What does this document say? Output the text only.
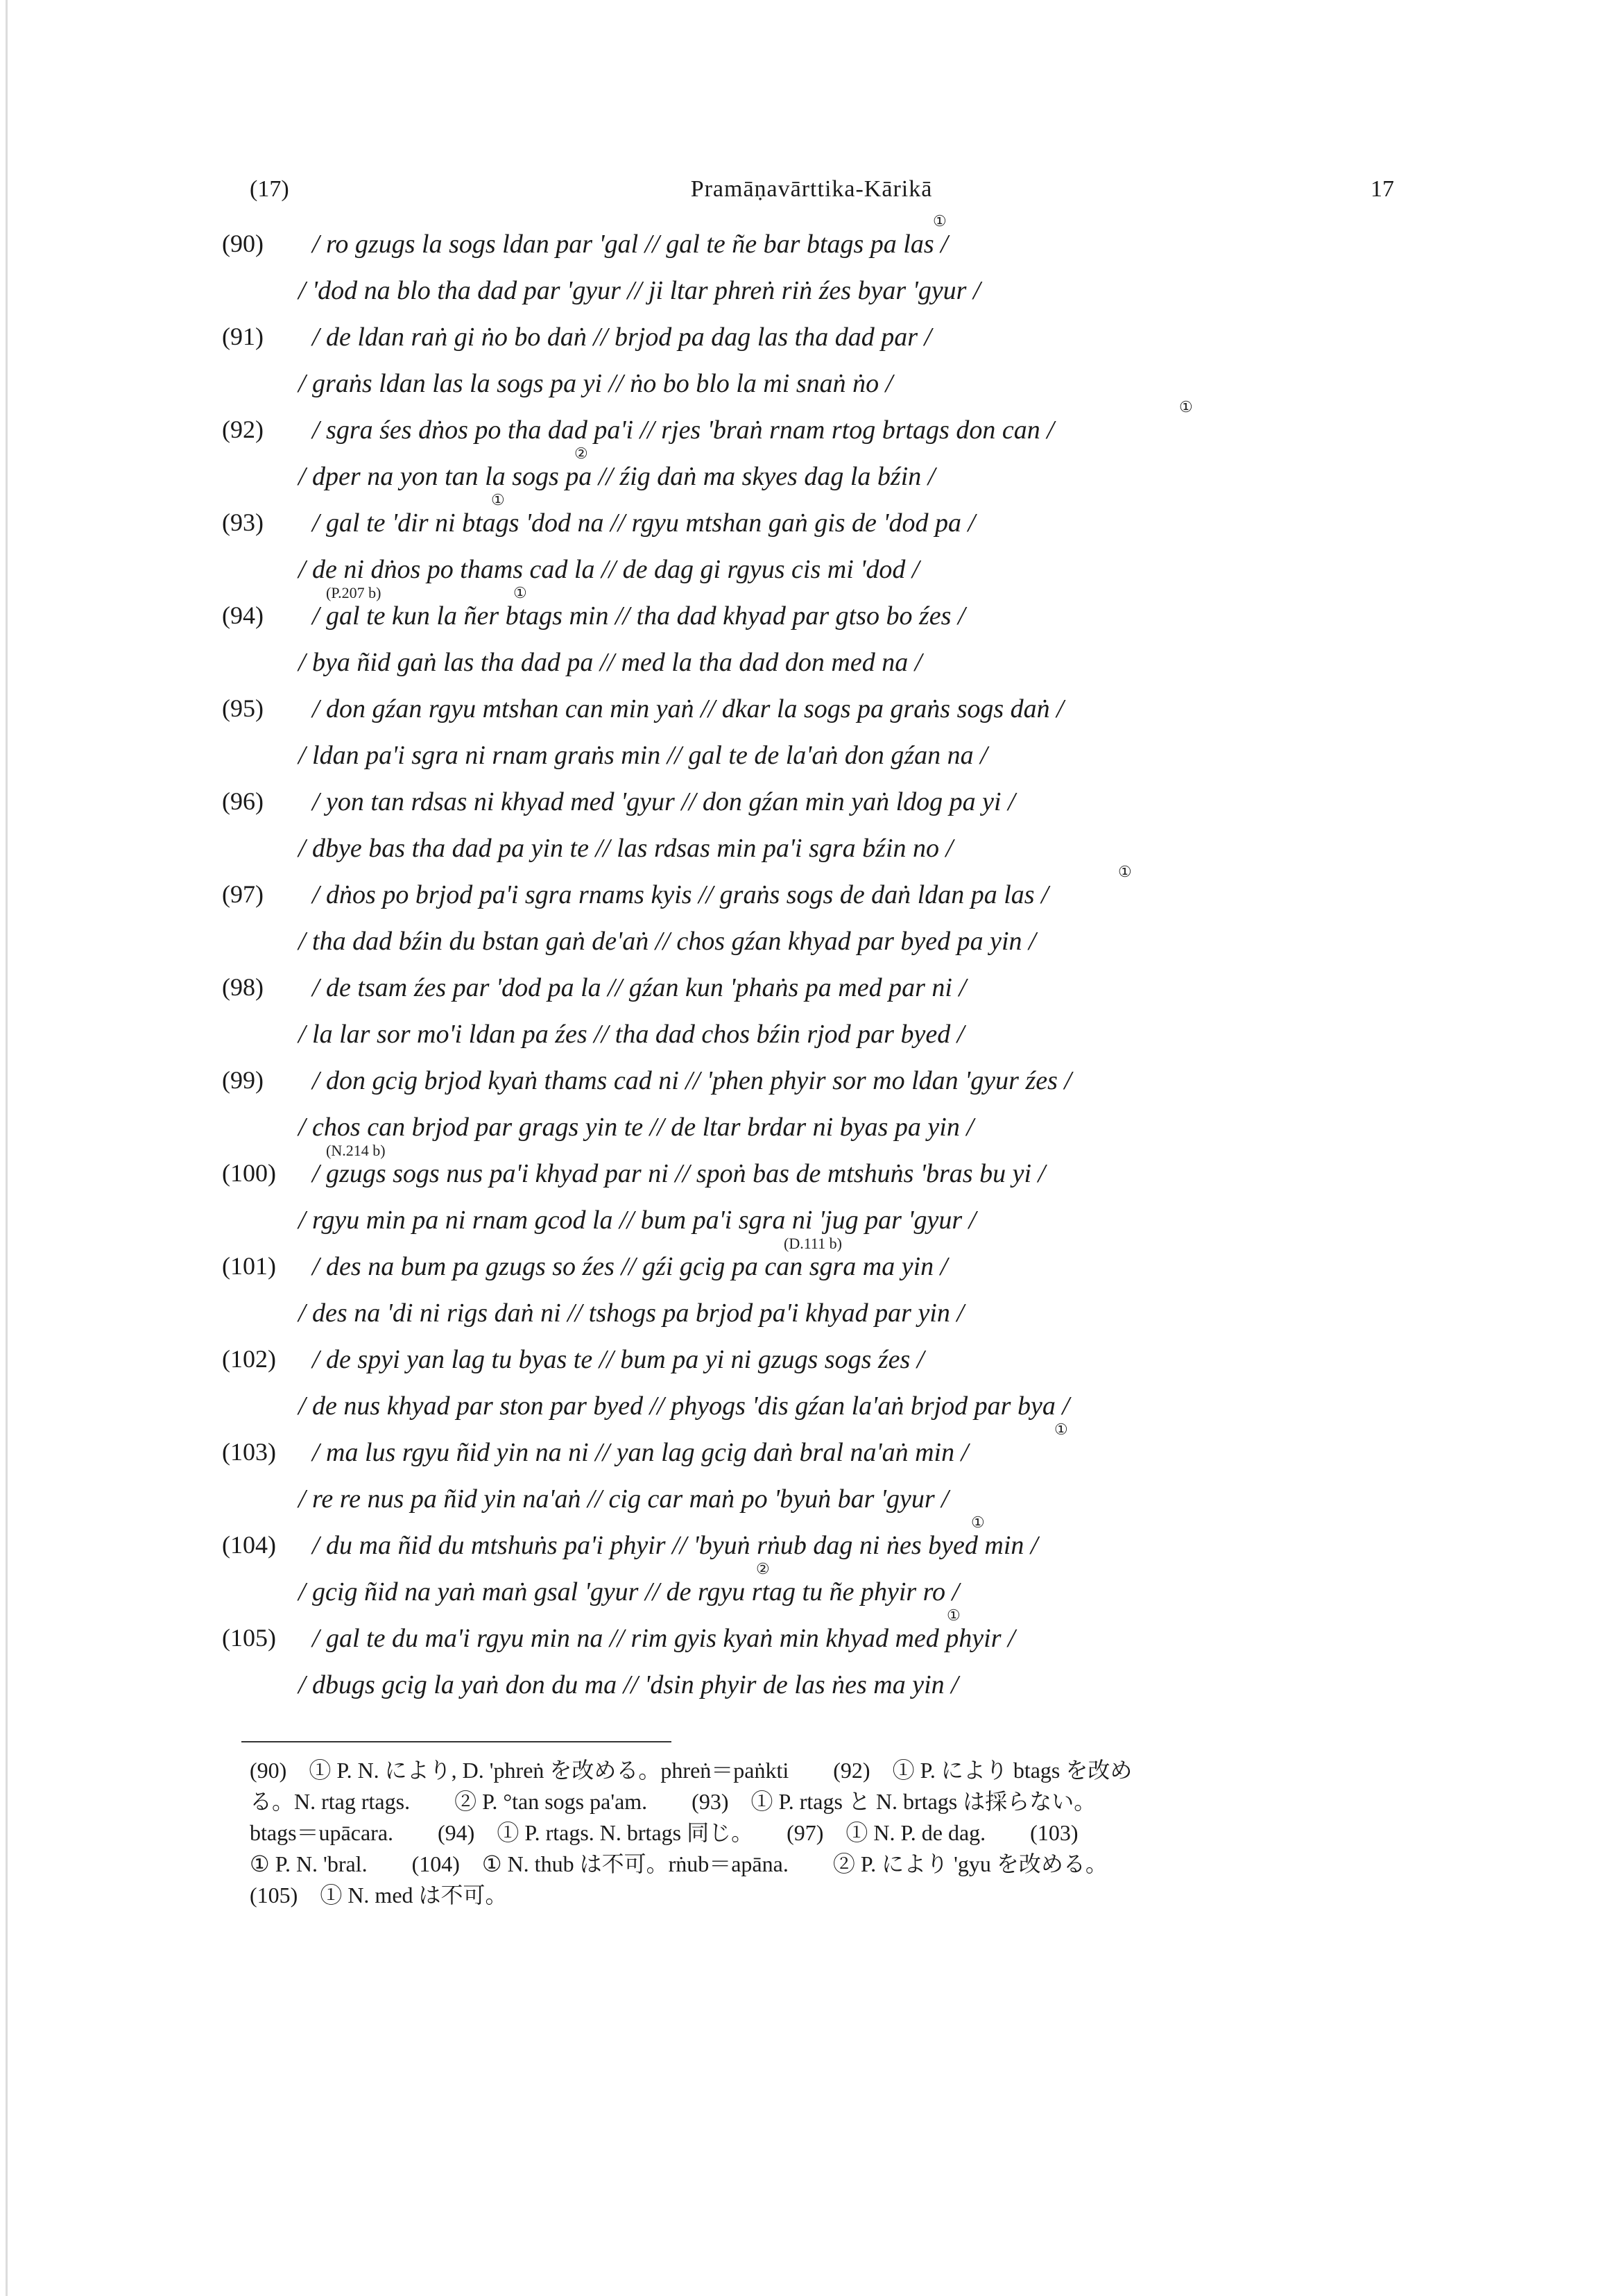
(17)	Pramāṇavārttika-Kārikā	17
(90) / ro gzugs la sogs ldan par 'gal // gal te ñe bar btags pa las /
/ 'dod na blo tha dad par 'gyur // ji ltar phreṅ riṅ źes byar 'gyur /
①
(91) / de ldan raṅ gi ṅo bo daṅ // brjod pa dag las tha dad par /
/ graṅs ldan las la sogs pa yi // ṅo bo blo la mi snaṅ ṅo /
(92) / sgra śes dṅos po tha dad pa'i // rjes 'braṅ rnam rtog brtags don can /
/ dper na yon tan la sogs pa // źig daṅ ma skyes dag la bźin /
①
②
(93) / gal te 'dir ni btags 'dod na // rgyu mtshan gaṅ gis de 'dod pa /
/ de ni dṅos po thams cad la // de dag gi rgyus cis mi 'dod /
①
(94) / gal te kun la ñer btags min // tha dad khyad par gtso bo źes /
/ bya ñid gaṅ las tha dad pa // med la tha dad don med na /
(P.207 b)	①
(95) / don gźan rgyu mtshan can min yaṅ // dkar la sogs pa graṅs sogs daṅ /
/ ldan pa'i sgra ni rnam graṅs min // gal te de la'aṅ don gźan na /
(96) / yon tan rdsas ni khyad med 'gyur // don gźan min yaṅ ldog pa yi /
/ dbye bas tha dad pa yin te // las rdsas min pa'i sgra bźin no /
(97) / dṅos po brjod pa'i sgra rnams kyis // graṅs sogs de daṅ ldan pa las /
/ tha dad bźin du bstan gaṅ de'aṅ // chos gźan khyad par byed pa yin /
①
(98) / de tsam źes par 'dod pa la // gźan kun 'phaṅs pa med par ni /
/ la lar sor mo'i ldan pa źes // tha dad chos bźin rjod par byed /
(99) / don gcig brjod kyaṅ thams cad ni // 'phen phyir sor mo ldan 'gyur źes /
/ chos can brjod par grags yin te // de ltar brdar ni byas pa yin /
(100) / gzugs sogs nus pa'i khyad par ni // spoṅ bas de mtshuṅs 'bras bu yi /
/ rgyu min pa ni rnam gcod la // bum pa'i sgra ni 'jug par 'gyur /
(N.214 b)
(101) / des na bum pa gzugs so źes // gźi gcig pa can sgra ma yin /
/ des na 'di ni rigs daṅ ni // tshogs pa brjod pa'i khyad par yin /
(D.111 b)
(102) / de spyi yan lag tu byas te // bum pa yi ni gzugs sogs źes /
/ de nus khyad par ston par byed // phyogs 'dis gźan la'aṅ brjod par bya /
(103) / ma lus rgyu ñid yin na ni // yan lag gcig daṅ bral na'aṅ min /
/ re re nus pa ñid yin na'aṅ // cig car maṅ po 'byuṅ bar 'gyur /
①
(104) / du ma ñid du mtshuṅs pa'i phyir // 'byuṅ rṅub dag ni ṅes byed min /
/ gcig ñid na yaṅ maṅ gsal 'gyur // de rgyu rtag tu ñe phyir ro /
①
②
(105) / gal te du ma'i rgyu min na // rim gyis kyaṅ min khyad med phyir /
/ dbugs gcig la yaṅ don du ma // 'dsin phyir de las ṅes ma yin /
①
(90)　① P. N. により, D. 'phreṅ を改める。phreṅ＝paṅkti　　(92)　① P. により btags を改め
る。N. rtag rtags.　　② P. °tan sogs pa'am.　　(93)　① P. rtags と N. brtags は採らない。
btags＝upācara.　　(94)　① P. rtags. N. brtags 同じ。　　(97)　① N. P. de dag.　　(103)
① P. N. 'bral.　　(104)　① N. thub は不可。rṅub＝apāna.　　② P. により 'gyu を改める。
(105)　① N. med は不可。
